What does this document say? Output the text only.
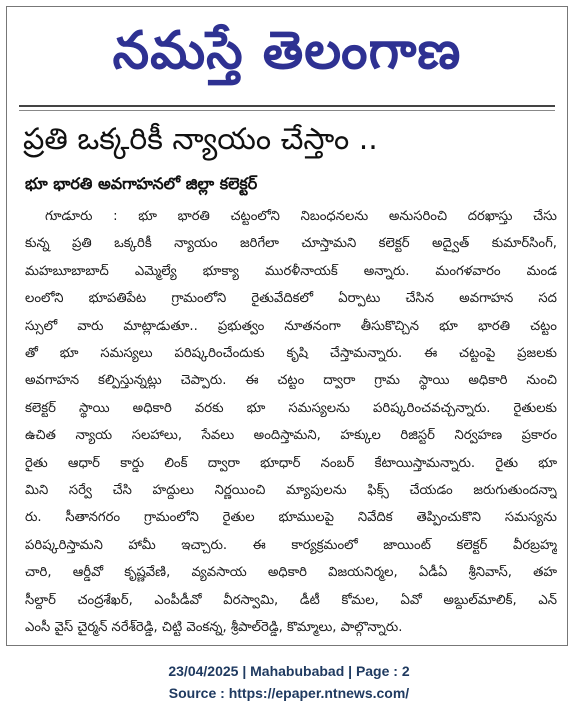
నమస్తే తెలంగాణ
ప్రతి ఒక్కరికీ న్యాయం చేస్తాం ..
భూ భారతి అవగాహనలో జిల్లా కలెక్టర్
గూడూరు : భూ భారతి చట్టంలోని నిబంధనలను అనుసరించి దరఖాస్తు చేసు
కున్న ప్రతి ఒక్కరికీ న్యాయం జరిగేలా చూస్తామని కలెక్టర్ అద్వైత్ కుమార్‌సింగ్,
మహబూబాబాద్ ఎమ్మెల్యే భూక్యా మురళీనాయక్ అన్నారు. మంగళవారం మండ
లంలోని భూపతిపేట గ్రామంలోని రైతువేదికలో ఏర్పాటు చేసిన అవగాహన సద
స్సులో వారు మాట్లాడుతూ.. ప్రభుత్వం నూతనంగా తీసుకొచ్చిన భూ భారతి చట్టం
తో భూ సమస్యలు పరిష్కరించేందుకు కృషి చేస్తామన్నారు. ఈ చట్టంపై ప్రజలకు
అవగాహన కల్పిస్తున్నట్లు చెప్పారు. ఈ చట్టం ద్వారా గ్రామ స్థాయి అధికారి నుంచి
కలెక్టర్ స్థాయి అధికారి వరకు భూ సమస్యలను పరిష్కరించవచ్చన్నారు. రైతులకు
ఉచిత న్యాయ సలహాలు, సేవలు అందిస్తామని, హక్కుల రిజిస్టర్ నిర్వహణ ప్రకారం
రైతు ఆధార్ కార్డు లింక్ ద్వారా భూధార్ నంబర్ కేటాయిస్తామన్నారు. రైతు భూ
మిని సర్వే చేసి హద్దులు నిర్ణయించి మ్యాపులను ఫిక్స్ చేయడం జరుగుతుందన్నా
రు. సీతానగరం గ్రామంలోని రైతుల భూములపై నివేదిక తెప్పించుకొని సమస్యను
పరిష్కరిస్తామని హామీ ఇచ్చారు. ఈ కార్యక్రమంలో జాయింట్ కలెక్టర్ వీరబ్రహ్మ
చారి, ఆర్డీవో కృష్ణవేణి, వ్యవసాయ అధికారి విజయనిర్మల, ఏడీఏ శ్రీనివాస్, తహ
సీల్దార్ చంద్రశేఖర్, ఎంపీడీవో వీరస్వామి, డీటీ కోమల, ఏవో అబ్దుల్‌మాలిక్, ఎన్
ఎంసీ వైస్ చైర్మన్ నరేశ్‌రెడ్డి, చిట్టి వెంకన్న, శ్రీపాల్‌రెడ్డి, కొమ్మాలు, పాల్గొన్నారు.
23/04/2025 | Mahabubabad | Page : 2
Source : https://epaper.ntnews.com/
